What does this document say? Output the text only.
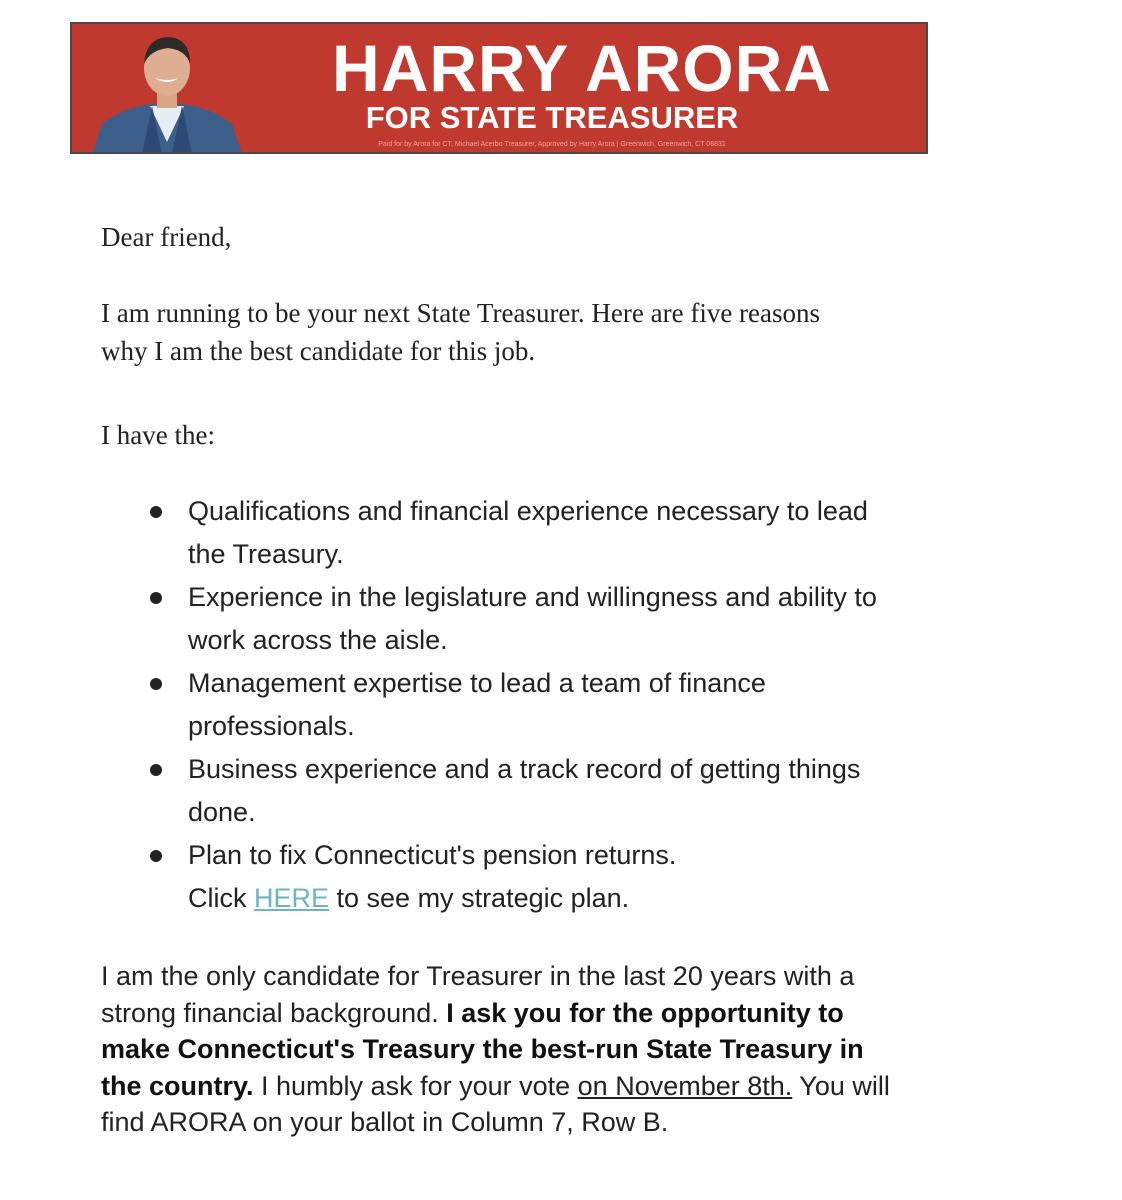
HARRY ARORA
FOR STATE TREASURER
Paid for by Arora for CT, Michael Acerbo Treasurer, Approved by Harry Arora | Greenwich, Greenwich, CT 06831

Dear friend,

I am running to be your next State Treasurer. Here are five reasons why I am the best candidate for this job.

I have the:

Qualifications and financial experience necessary to lead the Treasury.
Experience in the legislature and willingness and ability to work across the aisle.
Management expertise to lead a team of finance professionals.
Business experience and a track record of getting things done.
Plan to fix Connecticut's pension returns.
Click HERE to see my strategic plan.

I am the only candidate for Treasurer in the last 20 years with a strong financial background. I ask you for the opportunity to make Connecticut's Treasury the best-run State Treasury in the country. I humbly ask for your vote on November 8th. You will find ARORA on your ballot in Column 7, Row B.
